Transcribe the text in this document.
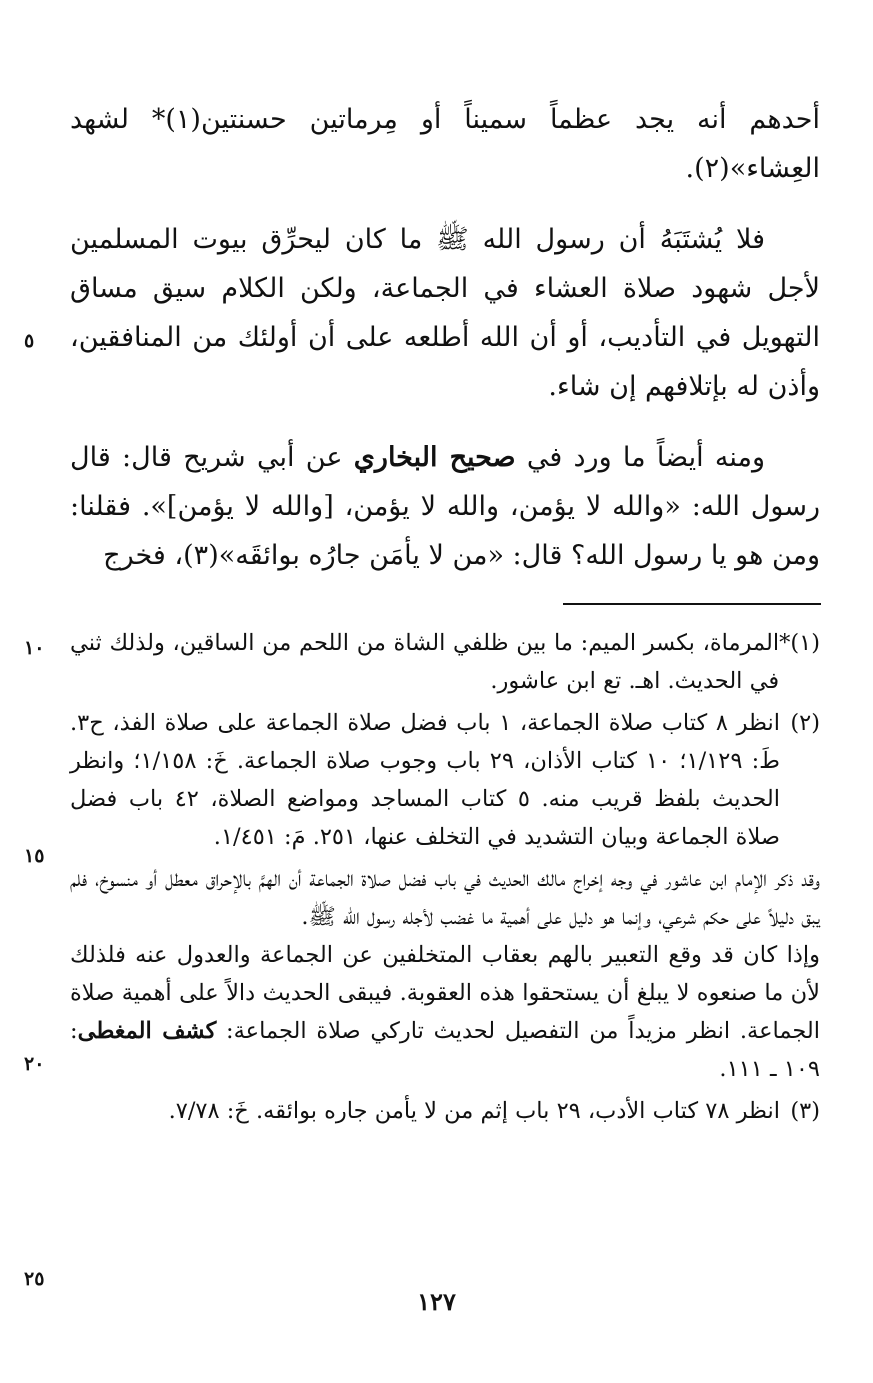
أحدهم أنه يجد عظماً سميناً أو مِرماتين حسنتين(١)* لشهد العِشاء»(٢).

فلا يُشتَبَهُ أن رسول الله ﷺ ما كان ليحرِّق بيوت المسلمين لأجل شهود صلاة العشاء في الجماعة، ولكن الكلام سيق مساق التهويل في التأديب، أو أن الله أطلعه على أن أولئك من المنافقين، وأذن له بإتلافهم إن شاء.

ومنه أيضاً ما ورد في صحيح البخاري عن أبي شريح قال: قال رسول الله: «والله لا يؤمن، والله لا يؤمن، [والله لا يؤمن]». فقلنا: ومن هو يا رسول الله؟ قال: «من لا يأمَن جارُه بوائقَه»(٣)، فخرج

(١)*
المرماة، بكسر الميم: ما بين ظلفي الشاة من اللحم من الساقين، ولذلك ثني في الحديث. اهـ. تع ابن عاشور.
(٢)
انظر ٨ كتاب صلاة الجماعة، ١ باب فضل صلاة الجماعة على صلاة الفذ، ح٣. طَ: ١/١٢٩؛ ١٠ كتاب الأذان، ٢٩ باب وجوب صلاة الجماعة. خَ: ١/١٥٨؛ وانظر الحديث بلفظ قريب منه. ٥ كتاب المساجد ومواضع الصلاة، ٤٢ باب فضل صلاة الجماعة وبيان التشديد في التخلف عنها، ٢٥١. مَ: ١/٤٥١.

وقد ذكر الإمام ابن عاشور في وجه إخراج مالك الحديث في باب فضل صلاة الجماعة أن الهمَّ بالإحراق معطل أو منسوخ، فلم يبق دليلاً على حكم شرعي، وإنما هو دليل على أهمية ما غضب لأجله رسول الله ﷺ.

وإذا كان قد وقع التعبير بالهم بعقاب المتخلفين عن الجماعة والعدول عنه فلذلك لأن ما صنعوه لا يبلغ أن يستحقوا هذه العقوبة. فيبقى الحديث دالاً على أهمية صلاة الجماعة. انظر مزيداً من التفصيل لحديث تاركي صلاة الجماعة: كشف المغطى: ١٠٩ ـ ١١١.

(٣)
انظر ٧٨ كتاب الأدب، ٢٩ باب إثم من لا يأمن جاره بوائقه. خَ: ٧/٧٨.
٥
١٠
١٥
٢٠
٢٥
١٢٧
